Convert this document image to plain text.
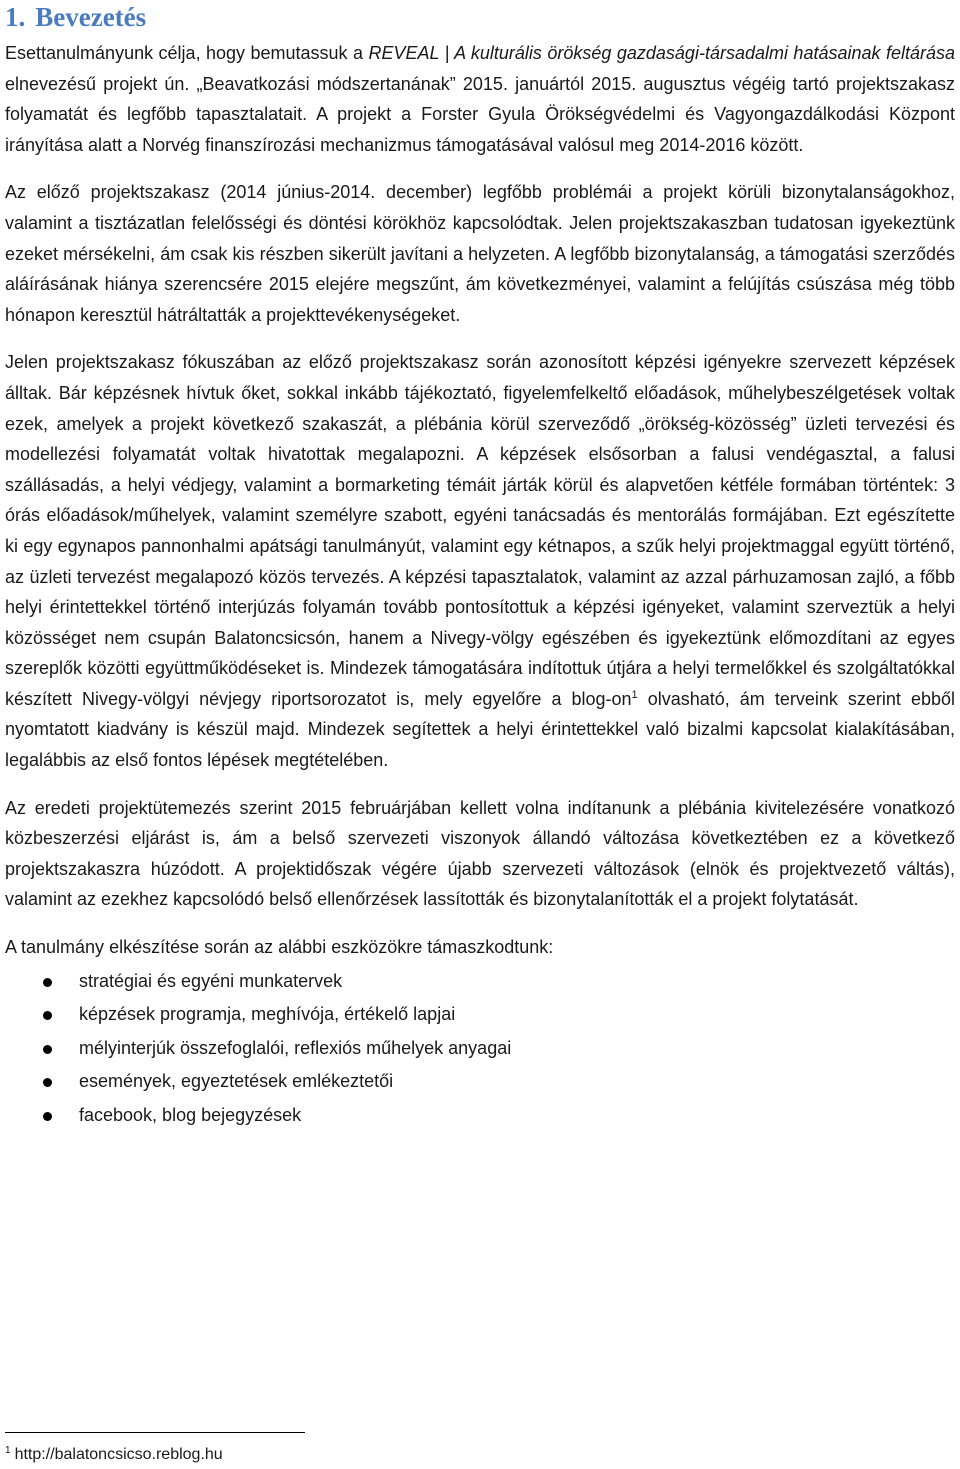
1. Bevezetés

Esettanulmányunk célja, hogy bemutassuk a REVEAL | A kulturális örökség gazdasági-társadalmi hatásainak feltárása elnevezésű projekt ún. „Beavatkozási módszertanának” 2015. januártól 2015. augusztus végéig tartó projektszakasz folyamatát és legfőbb tapasztalatait. A projekt a Forster Gyula Örökségvédelmi és Vagyongazdálkodási Központ irányítása alatt a Norvég finanszírozási mechanizmus támogatásával valósul meg 2014-2016 között.

Az előző projektszakasz (2014 június-2014. december) legfőbb problémái a projekt körüli bizonytalanságokhoz, valamint a tisztázatlan felelősségi és döntési körökhöz kapcsolódtak. Jelen projektszakaszban tudatosan igyekeztünk ezeket mérsékelni, ám csak kis részben sikerült javítani a helyzeten. A legfőbb bizonytalanság, a támogatási szerződés aláírásának hiánya szerencsére 2015 elejére megszűnt, ám következményei, valamint a felújítás csúszása még több hónapon keresztül hátráltatták a projekttevékenységeket.

Jelen projektszakasz fókuszában az előző projektszakasz során azonosított képzési igényekre szervezett képzések álltak. Bár képzésnek hívtuk őket, sokkal inkább tájékoztató, figyelemfelkeltő előadások, műhelybeszélgetések voltak ezek, amelyek a projekt következő szakaszát, a plébánia körül szerveződő „örökség-közösség” üzleti tervezési és modellezési folyamatát voltak hivatottak megalapozni. A képzések elsősorban a falusi vendégasztal, a falusi szállásadás, a helyi védjegy, valamint a bormarketing témáit járták körül és alapvetően kétféle formában történtek: 3 órás előadások/műhelyek, valamint személyre szabott, egyéni tanácsadás és mentorálás formájában. Ezt egészítette ki egy egynapos pannonhalmi apátsági tanulmányút, valamint egy kétnapos, a szűk helyi projektmaggal együtt történő, az üzleti tervezést megalapozó közös tervezés. A képzési tapasztalatok, valamint az azzal párhuzamosan zajló, a főbb helyi érintettekkel történő interjúzás folyamán tovább pontosítottuk a képzési igényeket, valamint szerveztük a helyi közösséget nem csupán Balatoncsicsón, hanem a Nivegy-völgy egészében és igyekeztünk előmozdítani az egyes szereplők közötti együttműködéseket is. Mindezek támogatására indítottuk útjára a helyi termelőkkel és szolgáltatókkal készített Nivegy-völgyi névjegy riportsorozatot is, mely egyelőre a blog-$on^1$ olvasható, ám terveink szerint ebből nyomtatott kiadvány is készül majd. Mindezek segítettek a helyi érintettekkel való bizalmi kapcsolat kialakításában, legalábbis az első fontos lépések megtételében.

Az eredeti projektütemezés szerint 2015 februárjában kellett volna indítanunk a plébánia kivitelezésére vonatkozó közbeszerzési eljárást is, ám a belső szervezeti viszonyok állandó változása következtében ez a következő projektszakaszra húzódott. A projektidőszak végére újabb szervezeti változások (elnök és projektvezető váltás), valamint az ezekhez kapcsolódó belső ellenőrzések lassították és bizonytalanították el a projekt folytatását.

A tanulmány elkészítése során az alábbi eszközökre támaszkodtunk:

stratégiai és egyéni munkatervek
képzések programja, meghívója, értékelő lapjai
mélyinterjúk összefoglalói, reflexiós műhelyek anyagai
események, egyeztetések emlékeztetői
facebook, blog bejegyzések
$^1$ http://balatoncsicso.reblog.hu
